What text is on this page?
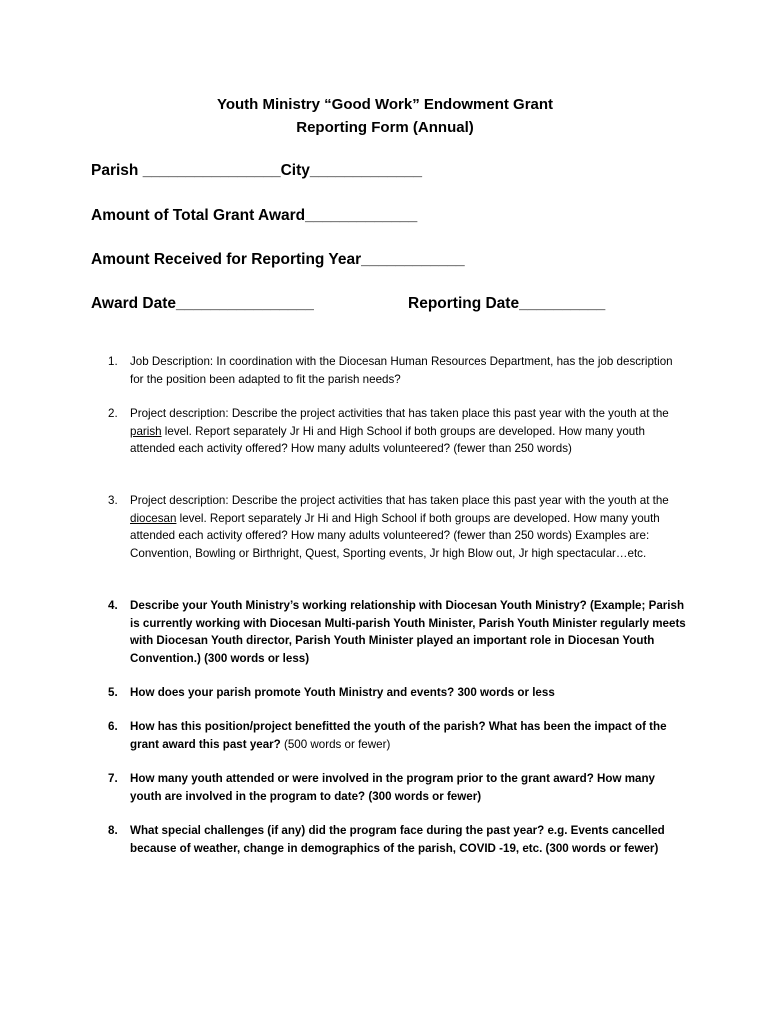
Youth Ministry “Good Work” Endowment Grant
Reporting Form (Annual)
Parish ________________City_____________
Amount of Total Grant Award_____________
Amount Received for Reporting Year____________
Award Date________________	Reporting Date__________
1.	Job Description: In coordination with the Diocesan Human Resources Department, has the job description for the position been adapted to fit the parish needs?
2.	Project description: Describe the project activities that has taken place this past year with the youth at the parish level. Report separately Jr Hi and High School if both groups are developed. How many youth attended each activity offered? How many adults volunteered? (fewer than 250 words)
3.	Project description: Describe the project activities that has taken place this past year with the youth at the diocesan level. Report separately Jr Hi and High School if both groups are developed. How many youth attended each activity offered? How many adults volunteered? (fewer than 250 words) Examples are: Convention, Bowling or Birthright, Quest, Sporting events, Jr high Blow out, Jr high spectacular…etc.
4.	Describe your Youth Ministry’s working relationship with Diocesan Youth Ministry? (Example; Parish is currently working with Diocesan Multi-parish Youth Minister, Parish Youth Minister regularly meets with Diocesan Youth director, Parish Youth Minister played an important role in Diocesan Youth Convention.) (300 words or less)
5.	How does your parish promote Youth Ministry and events? 300 words or less
6.	How has this position/project benefitted the youth of the parish? What has been the impact of the grant award this past year? (500 words or fewer)
7.	How many youth attended or were involved in the program prior to the grant award? How many youth are involved in the program to date? (300 words or fewer)
8.	What special challenges (if any) did the program face during the past year? e.g. Events cancelled because of weather, change in demographics of the parish, COVID -19, etc. (300 words or fewer)
